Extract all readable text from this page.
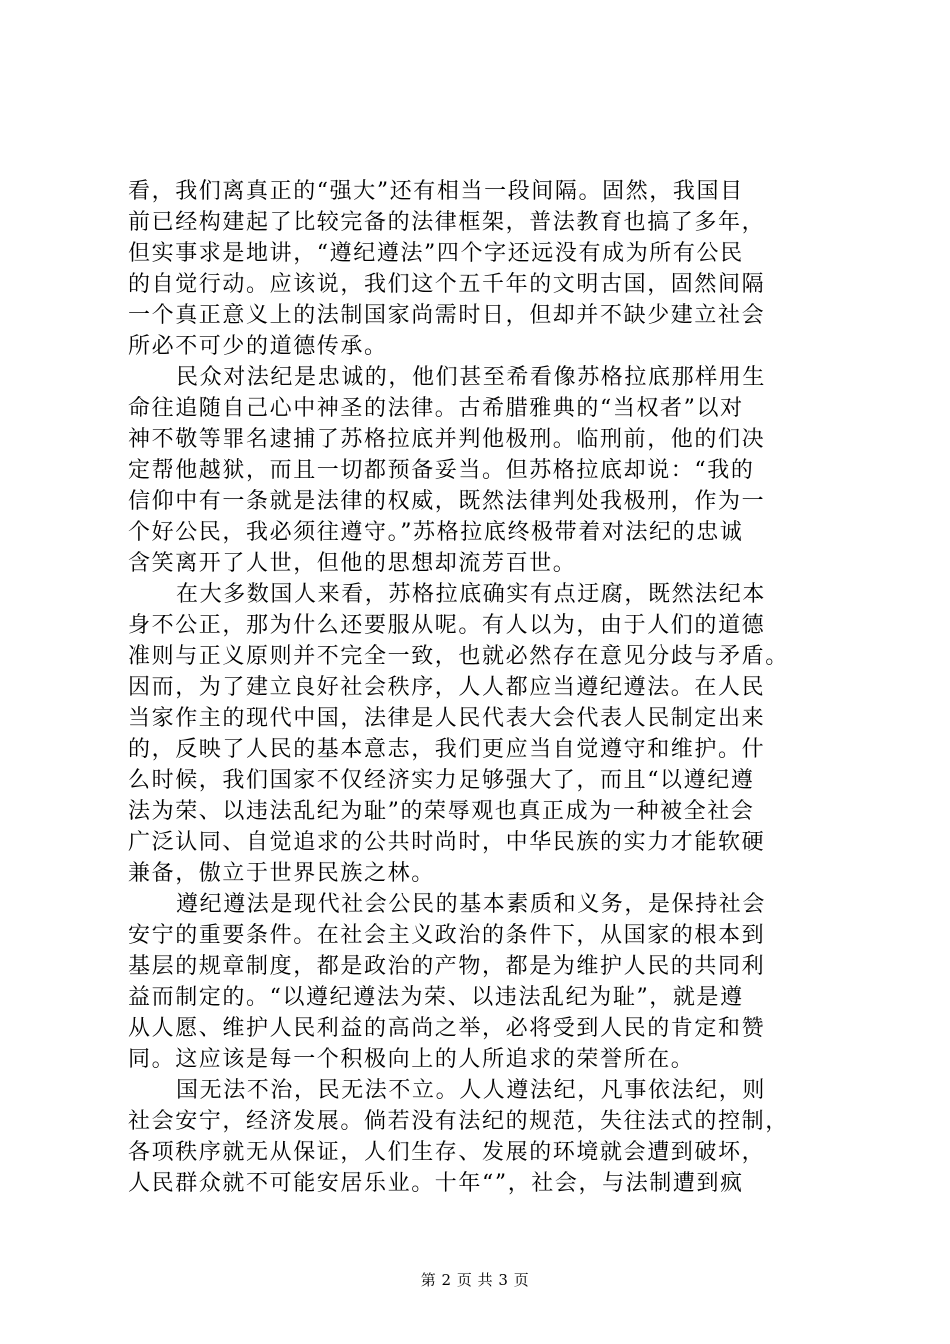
看，我们离真正的“强大”还有相当一段间隔。固然，我国目
前已经构建起了比较完备的法律框架，普法教育也搞了多年，
但实事求是地讲，“遵纪遵法”四个字还远没有成为所有公民
的自觉行动。应该说，我们这个五千年的文明古国，固然间隔
一个真正意义上的法制国家尚需时日，但却并不缺少建立社会
所必不可少的道德传承。
民众对法纪是忠诚的，他们甚至希看像苏格拉底那样用生
命往追随自己心中神圣的法律。古希腊雅典的“当权者”以对
神不敬等罪名逮捕了苏格拉底并判他极刑。临刑前，他的们决
定帮他越狱，而且一切都预备妥当。但苏格拉底却说：“我的
信仰中有一条就是法律的权威，既然法律判处我极刑，作为一
个好公民，我必须往遵守。”苏格拉底终极带着对法纪的忠诚
含笑离开了人世，但他的思想却流芳百世。
在大多数国人来看，苏格拉底确实有点迂腐，既然法纪本
身不公正，那为什么还要服从呢。有人以为，由于人们的道德
准则与正义原则并不完全一致，也就必然存在意见分歧与矛盾。
因而，为了建立良好社会秩序，人人都应当遵纪遵法。在人民
当家作主的现代中国，法律是人民代表大会代表人民制定出来
的，反映了人民的基本意志，我们更应当自觉遵守和维护。什
么时候，我们国家不仅经济实力足够强大了，而且“以遵纪遵
法为荣、以违法乱纪为耻”的荣辱观也真正成为一种被全社会
广泛认同、自觉追求的公共时尚时，中华民族的实力才能软硬
兼备，傲立于世界民族之林。
遵纪遵法是现代社会公民的基本素质和义务，是保持社会
安宁的重要条件。在社会主义政治的条件下，从国家的根本到
基层的规章制度，都是政治的产物，都是为维护人民的共同利
益而制定的。“以遵纪遵法为荣、以违法乱纪为耻”，就是遵
从人愿、维护人民利益的高尚之举，必将受到人民的肯定和赞
同。这应该是每一个积极向上的人所追求的荣誉所在。
国无法不治，民无法不立。人人遵法纪，凡事依法纪，则
社会安宁，经济发展。倘若没有法纪的规范，失往法式的控制，
各项秩序就无从保证，人们生存、发展的环境就会遭到破坏，
人民群众就不可能安居乐业。十年“”，社会，与法制遭到疯
第 2 页 共 3 页
